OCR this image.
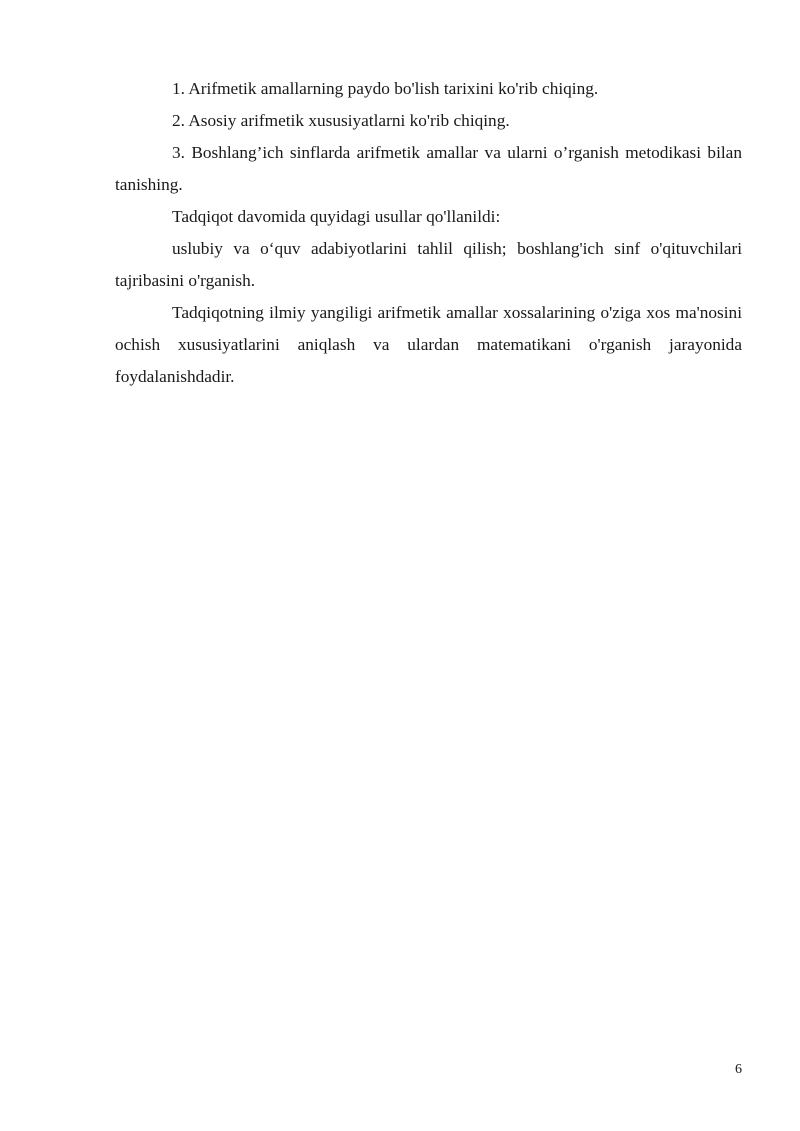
1. Arifmetik amallarning paydo bo'lish tarixini ko'rib chiqing.

2. Asosiy arifmetik xususiyatlarni ko'rib chiqing.

3. Boshlang’ich sinflarda arifmetik amallar va ularni o’rganish metodikasi bilan tanishing.

Tadqiqot davomida quyidagi usullar qo'llanildi:

uslubiy va o‘quv adabiyotlarini tahlil qilish; boshlang'ich sinf o'qituvchilari tajribasini o'rganish.

Tadqiqotning ilmiy yangiligi arifmetik amallar xossalarining o'ziga xos ma'nosini ochish xususiyatlarini aniqlash va ulardan matematikani o'rganish jarayonida foydalanishdadir.

6
